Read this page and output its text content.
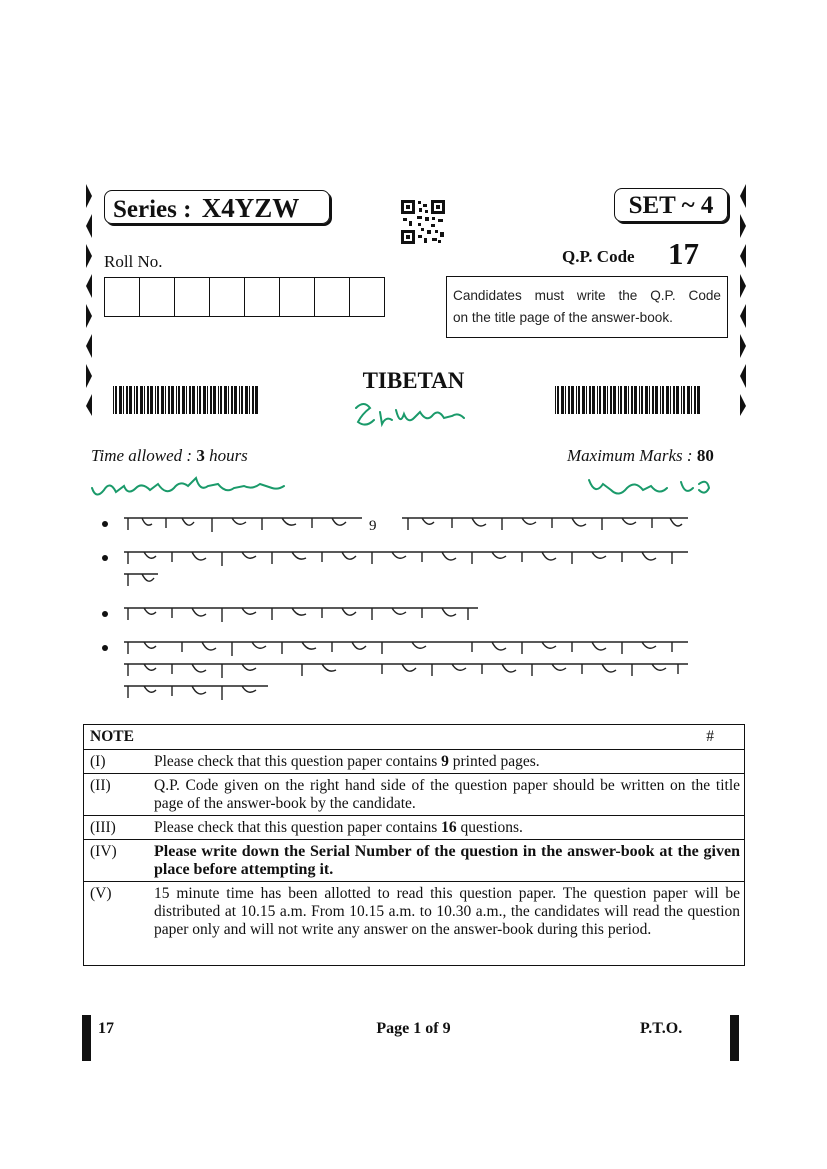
Series : X4YZW	SET ~ 4
Roll No.	Q.P. Code 17
Candidates must write the Q.P. Code
on the title page of the answer-book.
TIBETAN
Time allowed : 3 hours	Maximum Marks : 80
9
NOTE	#
(I)	Please check that this question paper contains 9 printed pages.
(II)	Q.P. Code given on the right hand side of the question paper should be written on the title page of the answer-book by the candidate.
(III)	Please check that this question paper contains 16 questions.
(IV)	Please write down the Serial Number of the question in the answer-book at the given place before attempting it.
(V)	15 minute time has been allotted to read this question paper. The question paper will be distributed at 10.15 a.m. From 10.15 a.m. to 10.30 a.m., the candidates will read the question paper only and will not write any answer on the answer-book during this period.
17	Page 1 of 9	P.T.O.
